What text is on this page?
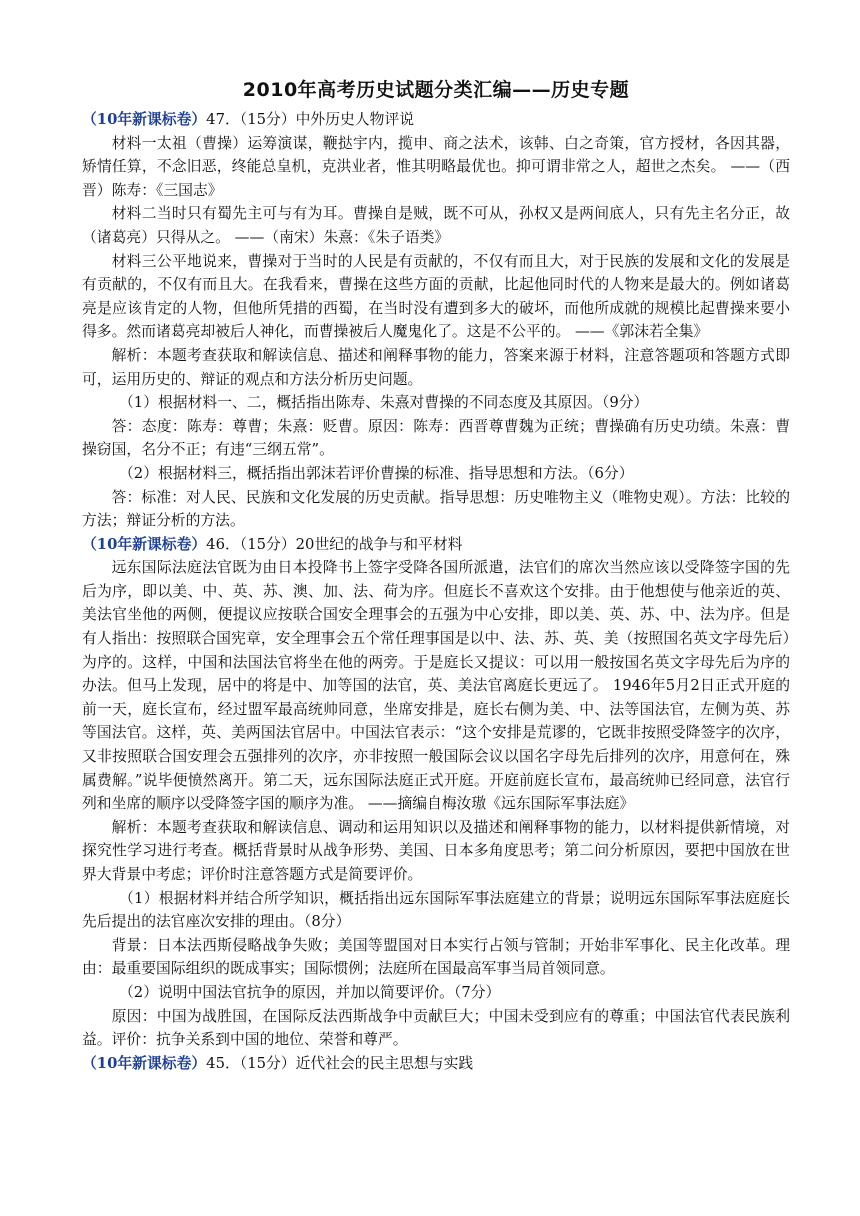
2010年高考历史试题分类汇编——历史专题

（10年新课标卷）47．（15分）中外历史人物评说

材料一太祖（曹操）运筹演谋，鞭挞宇内，揽申、商之法术，该韩、白之奇策，官方授材，各因其器，矫情任算，不念旧恶，终能总皇机，克洪业者，惟其明略最优也。抑可谓非常之人，超世之杰矣。 ——（西晋）陈寿：《三国志》

材料二当时只有蜀先主可与有为耳。曹操自是贼，既不可从，孙权又是两间底人，只有先主名分正，故（诸葛亮）只得从之。 ——（南宋）朱熹：《朱子语类》

材料三公平地说来，曹操对于当时的人民是有贡献的，不仅有而且大，对于民族的发展和文化的发展是有贡献的，不仅有而且大。在我看来，曹操在这些方面的贡献，比起他同时代的人物来是最大的。例如诸葛亮是应该肯定的人物，但他所凭措的西蜀，在当时没有遭到多大的破坏，而他所成就的规模比起曹操来要小得多。然而诸葛亮却被后人神化，而曹操被后人魔鬼化了。这是不公平的。 ——《郭沫若全集》

解析：本题考查获取和解读信息、描述和阐释事物的能力，答案来源于材料，注意答题项和答题方式即可，运用历史的、辩证的观点和方法分析历史问题。

（1）根据材料一、二，概括指出陈寿、朱熹对曹操的不同态度及其原因。（9分）

答：态度：陈寿：尊曹；朱熹：贬曹。原因：陈寿：西晋尊曹魏为正统；曹操确有历史功绩。朱熹：曹操窃国，名分不正；有违“三纲五常”。

（2）根据材料三，概括指出郭沫若评价曹操的标准、指导思想和方法。（6分）

答：标准：对人民、民族和文化发展的历史贡献。指导思想：历史唯物主义（唯物史观）。方法：比较的方法；辩证分析的方法。

（10年新课标卷）46．（15分）20世纪的战争与和平材料

远东国际法庭法官既为由日本投降书上签字受降各国所派遣，法官们的席次当然应该以受降签字国的先后为序，即以美、中、英、苏、澳、加、法、荷为序。但庭长不喜欢这个安排。由于他想使与他亲近的英、美法官坐他的两侧，便提议应按联合国安全理事会的五强为中心安排，即以美、英、苏、中、法为序。但是有人指出：按照联合国宪章，安全理事会五个常任理事国是以中、法、苏、英、美（按照国名英文字母先后）为序的。这样，中国和法国法官将坐在他的两旁。于是庭长又提议：可以用一般按国名英文字母先后为序的办法。但马上发现，居中的将是中、加等国的法官，英、美法官离庭长更远了。 1946年5月2日正式开庭的前一天，庭长宣布，经过盟军最高统帅同意，坐席安排是，庭长右侧为美、中、法等国法官，左侧为英、苏等国法官。这样，英、美两国法官居中。中国法官表示：“这个安排是荒谬的，它既非按照受降签字的次序，又非按照联合国安理会五强排列的次序，亦非按照一般国际会议以国名字母先后排列的次序，用意何在，殊属费解。”说毕便愤然离开。第二天，远东国际法庭正式开庭。开庭前庭长宣布，最高统帅已经同意，法官行列和坐席的顺序以受降签字国的顺序为准。 ——摘编自梅汝璈《远东国际军事法庭》

解析：本题考查获取和解读信息、调动和运用知识以及描述和阐释事物的能力，以材料提供新情境，对探究性学习进行考查。概括背景时从战争形势、美国、日本多角度思考；第二问分析原因，要把中国放在世界大背景中考虑；评价时注意答题方式是简要评价。

（1）根据材料并结合所学知识，概括指出远东国际军事法庭建立的背景；说明远东国际军事法庭庭长先后提出的法官座次安排的理由。（8分）

背景：日本法西斯侵略战争失败；美国等盟国对日本实行占领与管制；开始非军事化、民主化改革。理由：最重要国际组织的既成事实；国际惯例；法庭所在国最高军事当局首领同意。

（2）说明中国法官抗争的原因，并加以简要评价。（7分）

原因：中国为战胜国，在国际反法西斯战争中贡献巨大；中国未受到应有的尊重；中国法官代表民族利益。评价：抗争关系到中国的地位、荣誉和尊严。

（10年新课标卷）45．（15分）近代社会的民主思想与实践
